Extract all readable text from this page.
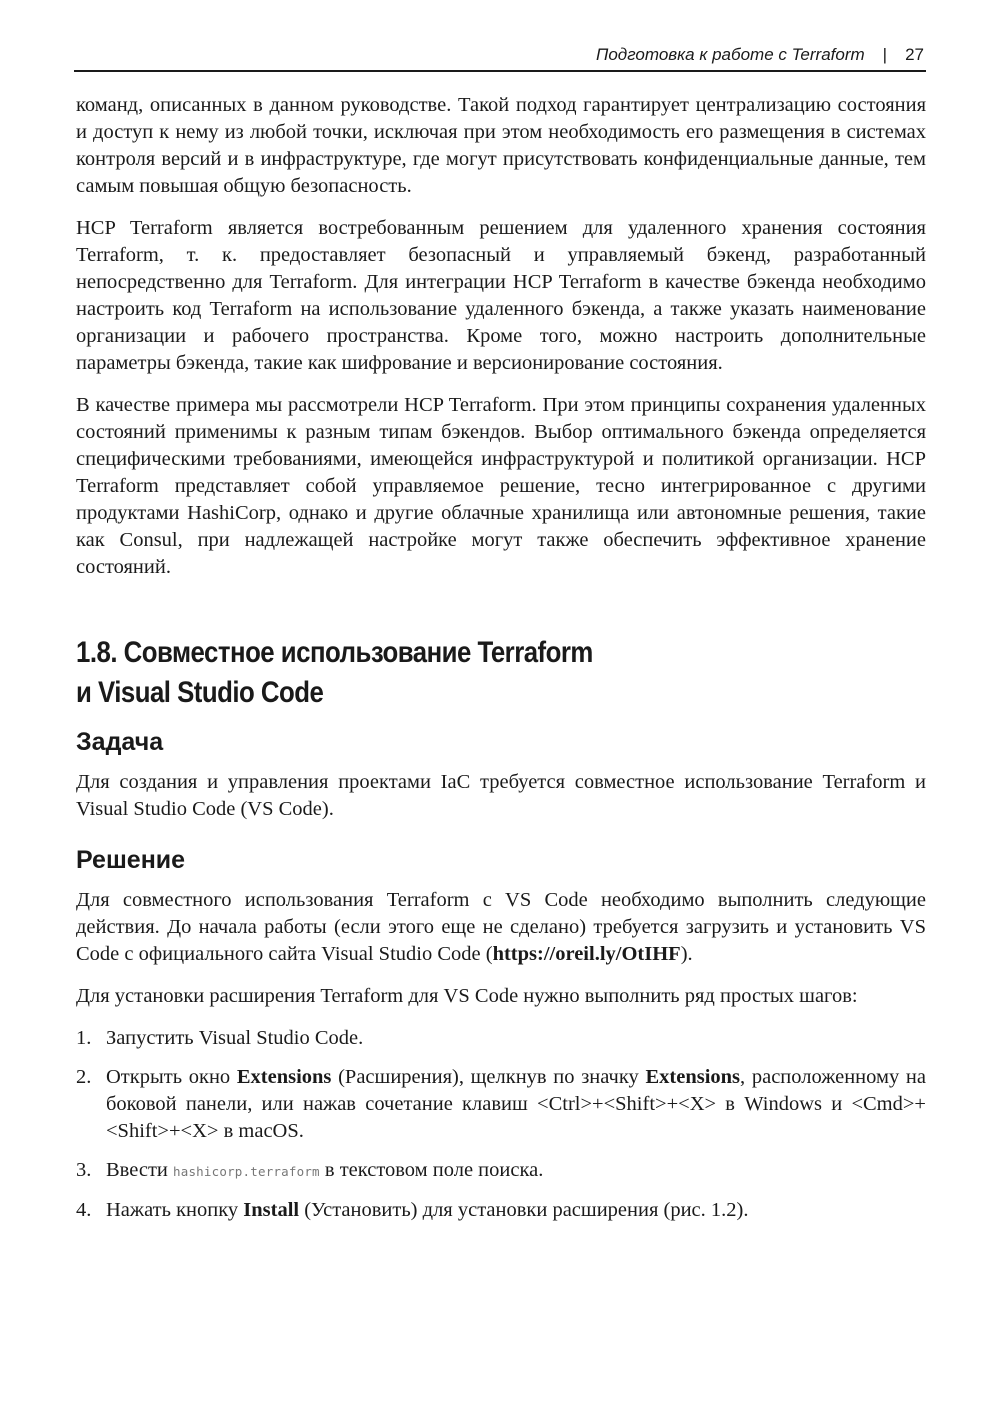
Подготовка к работе с Terraform | 27

команд, описанных в данном руководстве. Такой подход гарантирует централизацию состояния и доступ к нему из любой точки, исключая при этом необходимость его размещения в системах контроля версий и в инфраструктуре, где могут присутствовать конфиденциальные данные, тем самым повышая общую безопасность.

HCP Terraform является востребованным решением для удаленного хранения состояния Terraform, т. к. предоставляет безопасный и управляемый бэкенд, разработанный непосредственно для Terraform. Для интеграции HCP Terraform в качестве бэкенда необходимо настроить код Terraform на использование удаленного бэкенда, а также указать наименование организации и рабочего пространства. Кроме того, можно настроить дополнительные параметры бэкенда, такие как шифрование и версионирование состояния.

В качестве примера мы рассмотрели HCP Terraform. При этом принципы сохранения удаленных состояний применимы к разным типам бэкендов. Выбор оптимального бэкенда определяется специфическими требованиями, имеющейся инфраструктурой и политикой организации. HCP Terraform представляет собой управляемое решение, тесно интегрированное с другими продуктами HashiCorp, однако и другие облачные хранилища или автономные решения, такие как Consul, при надлежащей настройке могут также обеспечить эффективное хранение состояний.

1.8. Совместное использование Terraform
и Visual Studio Code
Задача

Для создания и управления проектами IaC требуется совместное использование Terraform и Visual Studio Code (VS Code).

Решение

Для совместного использования Terraform с VS Code необходимо выполнить следующие действия. До начала работы (если этого еще не сделано) требуется загрузить и установить VS Code с официального сайта Visual Studio Code (https://oreil.ly/OtIHF).

Для установки расширения Terraform для VS Code нужно выполнить ряд простых шагов:

1. Запустить Visual Studio Code.
2. Открыть окно Extensions (Расширения), щелкнув по значку Extensions, расположенному на боковой панели, или нажав сочетание клавиш <Ctrl>+<Shift>+<X> в Windows и <Cmd>+<Shift>+<X> в macOS.
3. Ввести hashicorp.terraform в текстовом поле поиска.
4. Нажать кнопку Install (Установить) для установки расширения (рис. 1.2).
